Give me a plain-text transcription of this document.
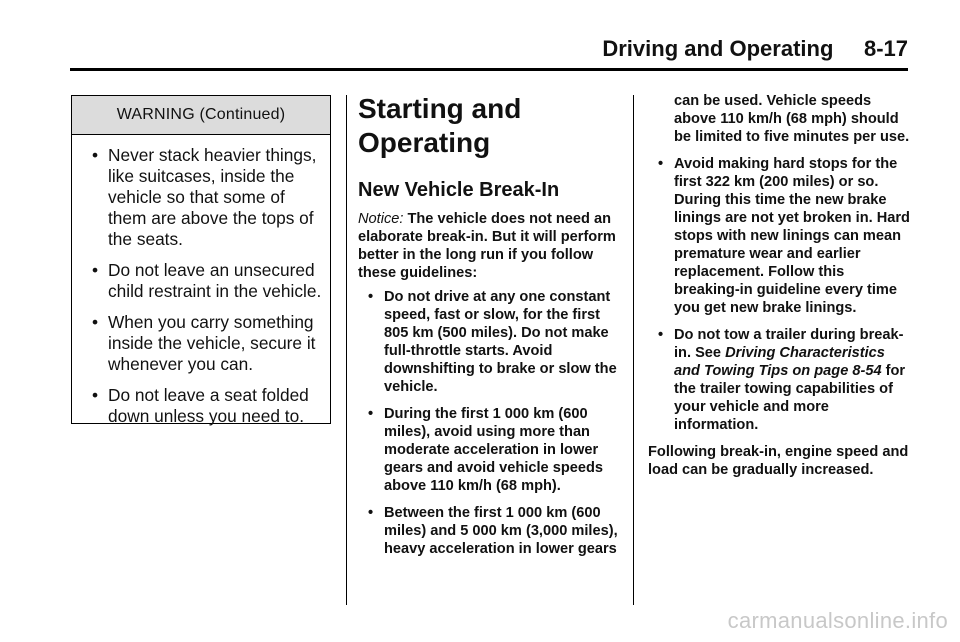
Driving and Operating 8-17
WARNING (Continued)
• Never stack heavier things, like suitcases, inside the vehicle so that some of them are above the tops of the seats.
• Do not leave an unsecured child restraint in the vehicle.
• When you carry something inside the vehicle, secure it whenever you can.
• Do not leave a seat folded down unless you need to.
Starting and Operating
New Vehicle Break-In

Notice: The vehicle does not need an elaborate break-in. But it will perform better in the long run if you follow these guidelines:

• Do not drive at any one constant speed, fast or slow, for the first 805 km (500 miles). Do not make full-throttle starts. Avoid downshifting to brake or slow the vehicle.
• During the first 1 000 km (600 miles), avoid using more than moderate acceleration in lower gears and avoid vehicle speeds above 110 km/h (68 mph).
• Between the first 1 000 km (600 miles) and 5 000 km (3,000 miles), heavy acceleration in lower gears

can be used. Vehicle speeds above 110 km/h (68 mph) should be limited to five minutes per use.

• Avoid making hard stops for the first 322 km (200 miles) or so. During this time the new brake linings are not yet broken in. Hard stops with new linings can mean premature wear and earlier replacement. Follow this breaking-in guideline every time you get new brake linings.
• Do not tow a trailer during break-in. See Driving Characteristics and Towing Tips on page 8-54 for the trailer towing capabilities of your vehicle and more information.

Following break-in, engine speed and load can be gradually increased.

carmanualsonline.info
